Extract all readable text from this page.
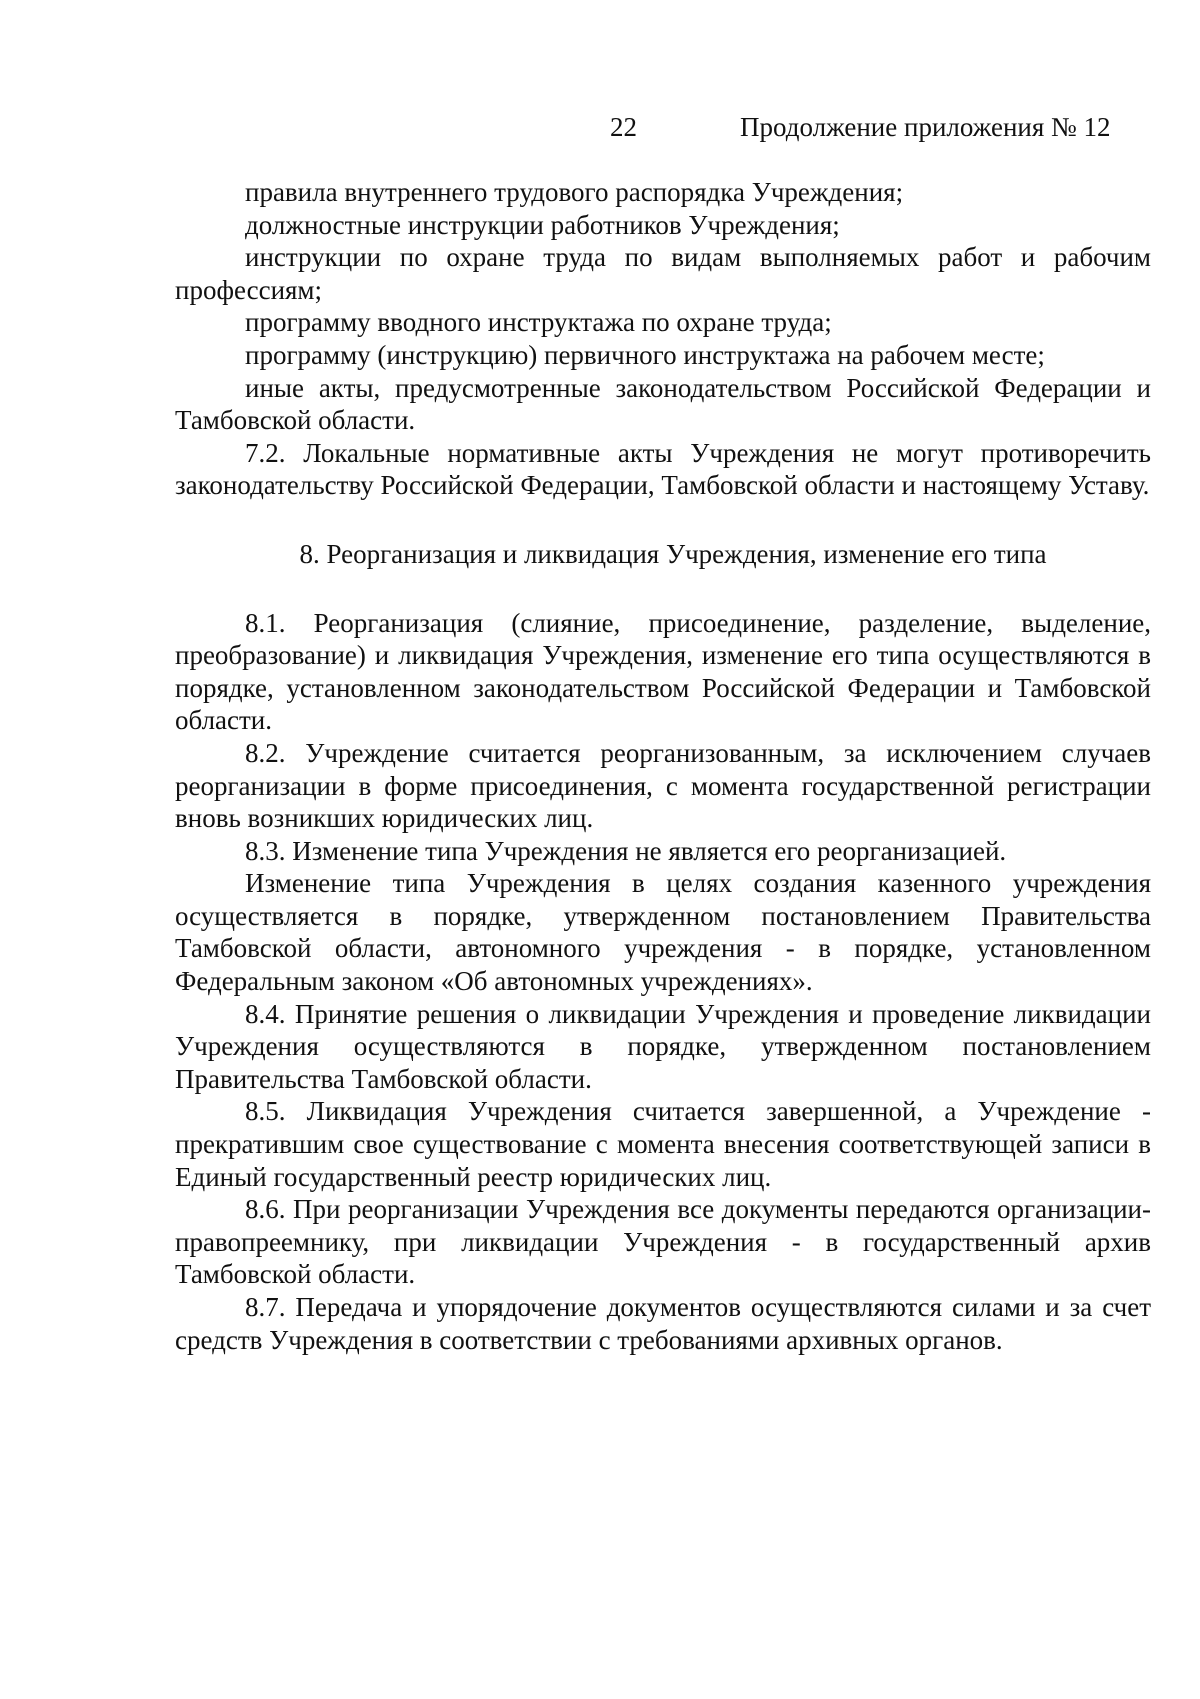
22	Продолжение приложения № 12

правила внутреннего трудового распорядка Учреждения;

должностные инструкции работников Учреждения;

инструкции по охране труда по видам выполняемых работ и рабочим профессиям;

программу вводного инструктажа по охране труда;

программу (инструкцию) первичного инструктажа на рабочем месте;

иные акты, предусмотренные законодательством Российской Федерации и Тамбовской области.

7.2. Локальные нормативные акты Учреждения не могут противоречить законодательству Российской Федерации, Тамбовской области и настоящему Уставу.

8. Реорганизация и ликвидация Учреждения, изменение его типа

8.1. Реорганизация (слияние, присоединение, разделение, выделение, преобразование) и ликвидация Учреждения, изменение его типа осуществляются в порядке, установленном законодательством Российской Федерации и Тамбовской области.

8.2. Учреждение считается реорганизованным, за исключением случаев реорганизации в форме присоединения, с момента государственной регистрации вновь возникших юридических лиц.

8.3. Изменение типа Учреждения не является его реорганизацией.

Изменение типа Учреждения в целях создания казенного учреждения осуществляется в порядке, утвержденном постановлением Правительства Тамбовской области, автономного учреждения - в порядке, установленном Федеральным законом «Об автономных учреждениях».

8.4. Принятие решения о ликвидации Учреждения и проведение ликвидации Учреждения осуществляются в порядке, утвержденном постановлением Правительства Тамбовской области.

8.5. Ликвидация Учреждения считается завершенной, а Учреждение - прекратившим свое существование с момента внесения соответствующей записи в Единый государственный реестр юридических лиц.

8.6. При реорганизации Учреждения все документы передаются организации-правопреемнику, при ликвидации Учреждения - в государственный архив Тамбовской области.

8.7. Передача и упорядочение документов осуществляются силами и за счет средств Учреждения в соответствии с требованиями архивных органов.
